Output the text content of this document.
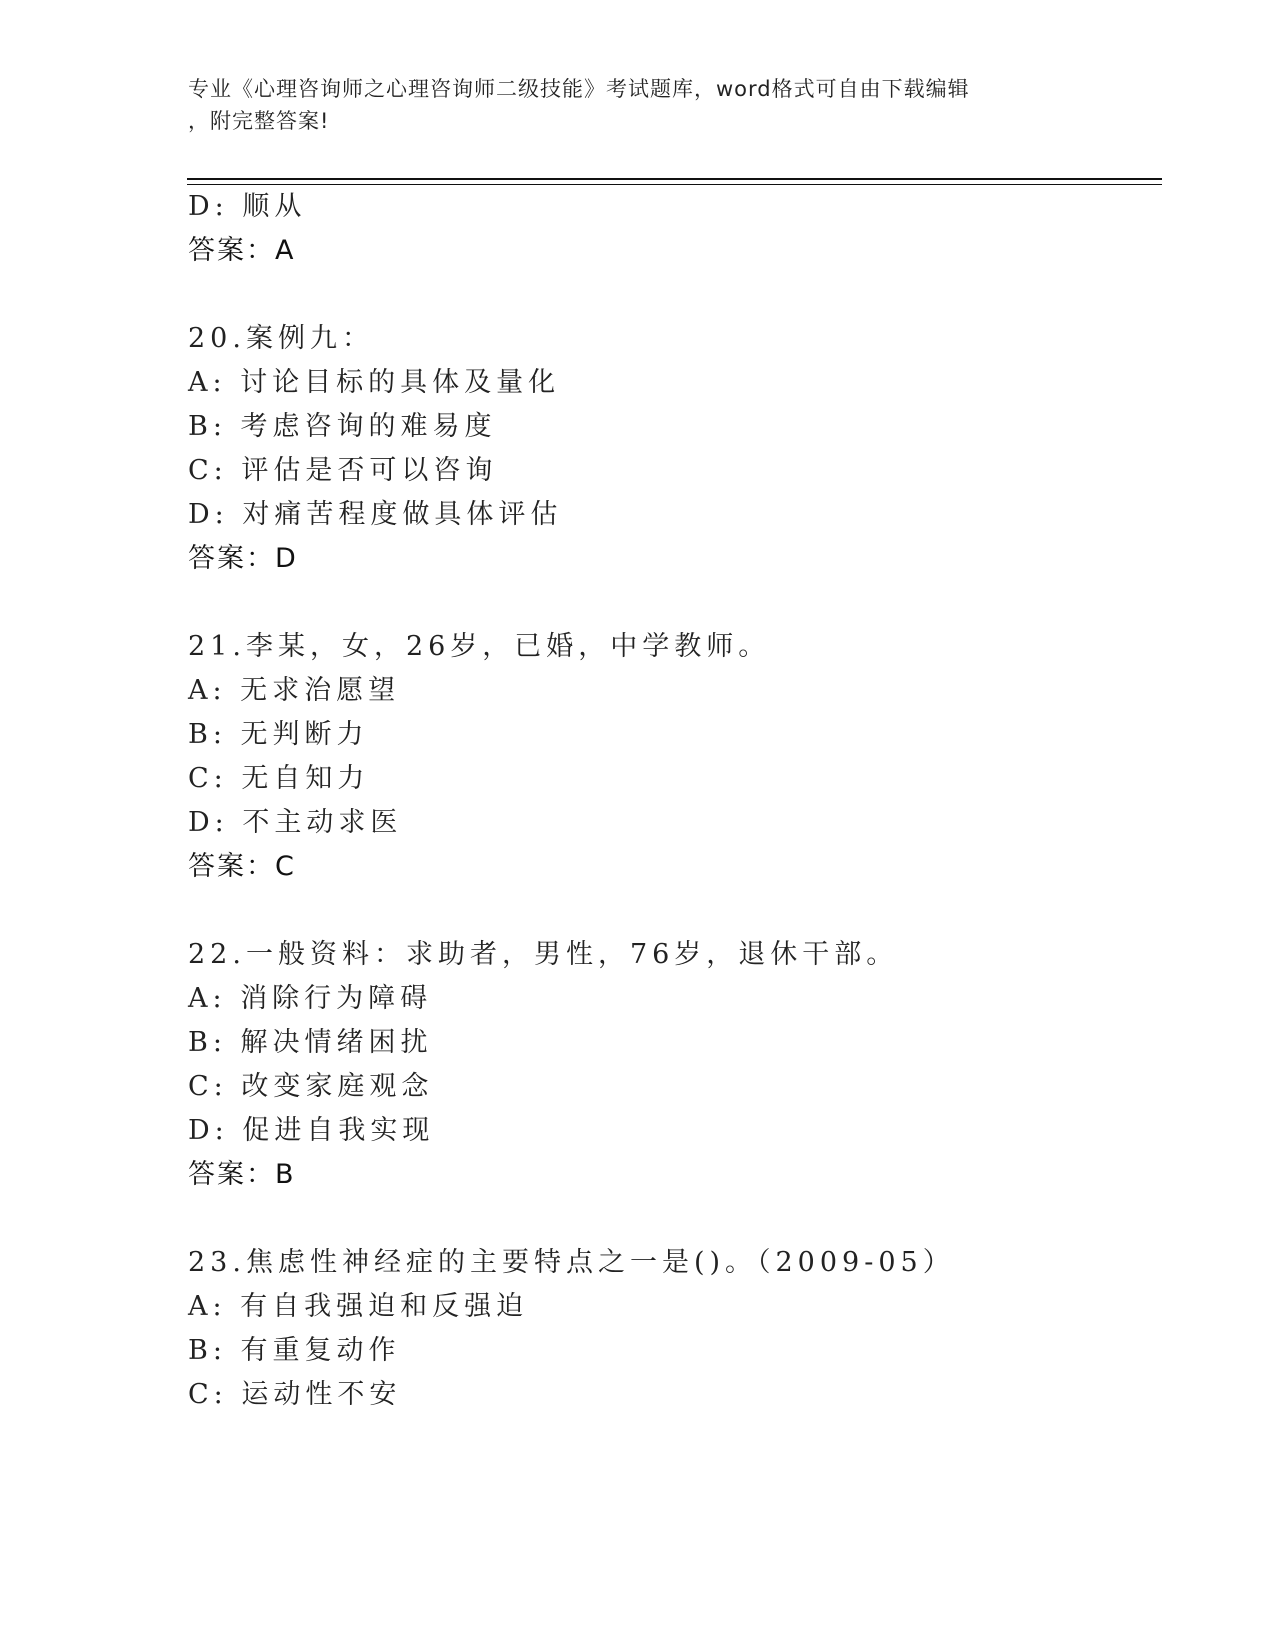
专业《心理咨询师之心理咨询师二级技能》考试题库，word格式可自由下载编辑
，附完整答案!
D: 顺从
答案：A
20.案例九：
A: 讨论目标的具体及量化
B: 考虑咨询的难易度
C: 评估是否可以咨询
D: 对痛苦程度做具体评估
答案：D
21.李某，女，26岁，已婚，中学教师。
A: 无求治愿望
B: 无判断力
C: 无自知力
D: 不主动求医
答案：C
22.一般资料：求助者，男性，76岁，退休干部。
A: 消除行为障碍
B: 解决情绪困扰
C: 改变家庭观念
D: 促进自我实现
答案：B
23.焦虑性神经症的主要特点之一是()。（2009-05）
A: 有自我强迫和反强迫
B: 有重复动作
C: 运动性不安
